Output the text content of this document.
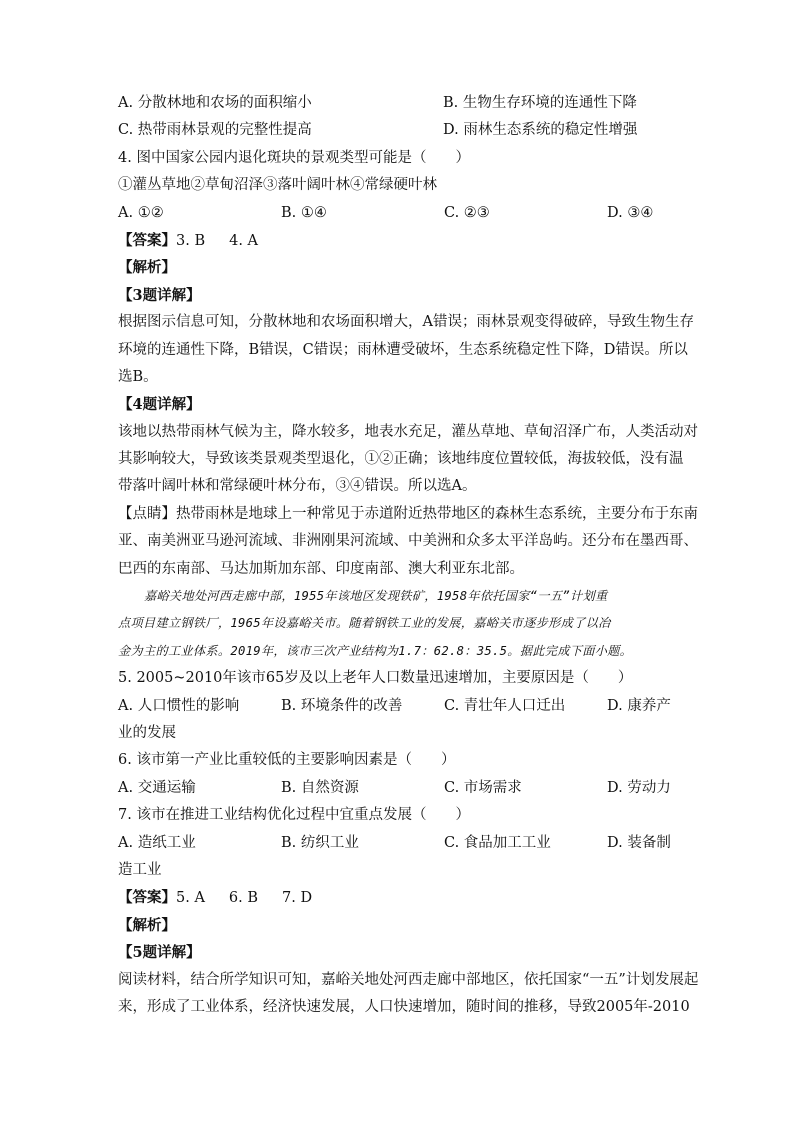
A. 分散林地和农场的面积缩小	B. 生物生存环境的连通性下降
C. 热带雨林景观的完整性提高	D. 雨林生态系统的稳定性增强
4. 图中国家公园内退化斑块的景观类型可能是（　　）
①灌丛草地②草甸沼泽③落叶阔叶林④常绿硬叶林
A. ①②	B. ①④	C. ②③	D. ③④
【答案】3. B 4. A
【解析】
【3题详解】
根据图示信息可知，分散林地和农场面积增大，A错误；雨林景观变得破碎，导致生物生存
环境的连通性下降，B错误，C错误；雨林遭受破坏，生态系统稳定性下降，D错误。所以
选B。
【4题详解】
该地以热带雨林气候为主，降水较多，地表水充足，灌丛草地、草甸沼泽广布，人类活动对
其影响较大，导致该类景观类型退化，①②正确；该地纬度位置较低，海拔较低，没有温
带落叶阔叶林和常绿硬叶林分布，③④错误。所以选A。
【点睛】热带雨林是地球上一种常见于赤道附近热带地区的森林生态系统，主要分布于东南
亚、南美洲亚马逊河流域、非洲刚果河流域、中美洲和众多太平洋岛屿。还分布在墨西哥、
巴西的东南部、马达加斯加东部、印度南部、澳大利亚东北部。
嘉峪关地处河西走廊中部，1955年该地区发现铁矿，1958年依托国家“一五”计划重
点项目建立钢铁厂，1965年设嘉峪关市。随着钢铁工业的发展，嘉峪关市逐步形成了以冶
金为主的工业体系。2019年，该市三次产业结构为1.7：62.8：35.5。据此完成下面小题。
5. 2005~2010年该市65岁及以上老年人口数量迅速增加，主要原因是（　　）
A. 人口惯性的影响	B. 环境条件的改善	C. 青壮年人口迁出	D. 康养产
业的发展
6. 该市第一产业比重较低的主要影响因素是（　　）
A. 交通运输	B. 自然资源	C. 市场需求	D. 劳动力
7. 该市在推进工业结构优化过程中宜重点发展（　　）
A. 造纸工业	B. 纺织工业	C. 食品加工工业	D. 装备制
造工业
【答案】5. A 6. B 7. D
【解析】
【5题详解】
阅读材料，结合所学知识可知，嘉峪关地处河西走廊中部地区，依托国家“一五”计划发展起
来，形成了工业体系，经济快速发展，人口快速增加，随时间的推移，导致2005年-2010
